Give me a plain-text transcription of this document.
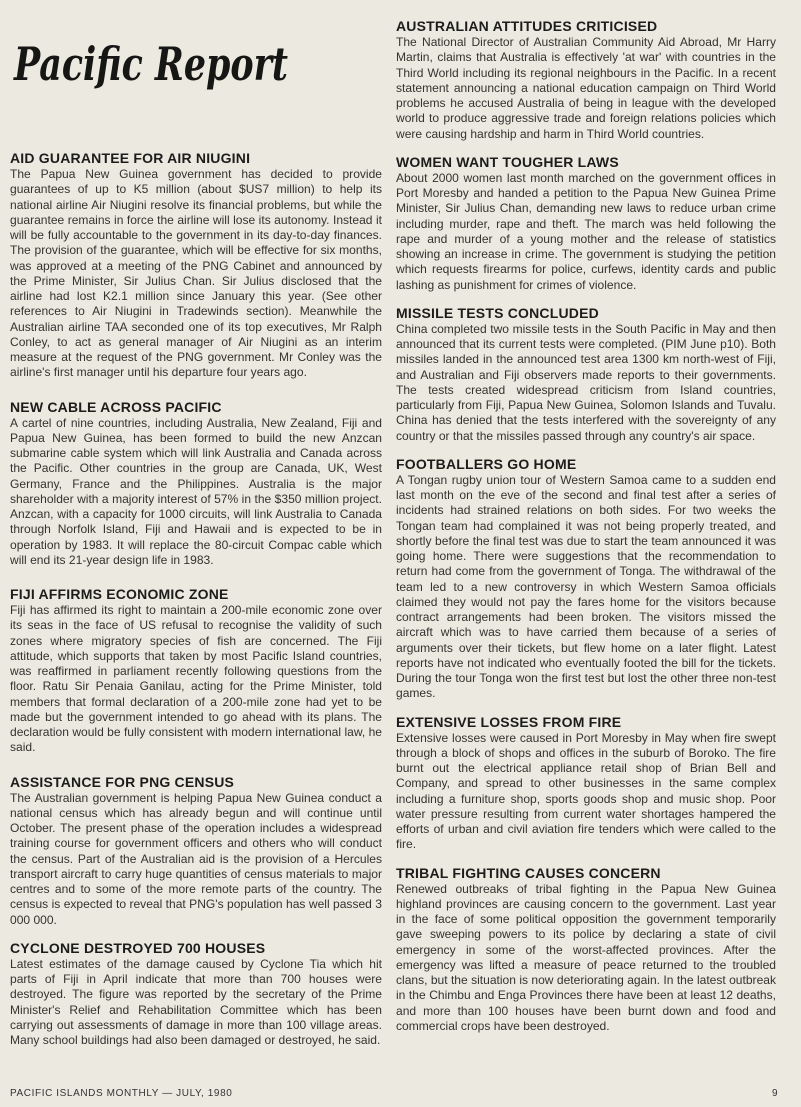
Pacific Report
AID GUARANTEE FOR AIR NIUGINI

The Papua New Guinea government has decided to provide guarantees of up to K5 million (about $US7 million) to help its national airline Air Niugini resolve its financial problems, but while the guarantee remains in force the airline will lose its autonomy. Instead it will be fully accountable to the government in its day-to-day finances. The provision of the guarantee, which will be effective for six months, was approved at a meeting of the PNG Cabinet and announced by the Prime Minister, Sir Julius Chan. Sir Julius disclosed that the airline had lost K2.1 million since January this year. (See other references to Air Niugini in Tradewinds section). Meanwhile the Australian airline TAA seconded one of its top executives, Mr Ralph Conley, to act as general manager of Air Niugini as an interim measure at the request of the PNG government. Mr Conley was the airline's first manager until his departure four years ago.

NEW CABLE ACROSS PACIFIC

A cartel of nine countries, including Australia, New Zealand, Fiji and Papua New Guinea, has been formed to build the new Anzcan submarine cable system which will link Australia and Canada across the Pacific. Other countries in the group are Canada, UK, West Germany, France and the Philippines. Australia is the major shareholder with a majority interest of 57% in the $350 million project. Anzcan, with a capacity for 1000 circuits, will link Australia to Canada through Norfolk Island, Fiji and Hawaii and is expected to be in operation by 1983. It will replace the 80-circuit Compac cable which will end its 21-year design life in 1983.

FIJI AFFIRMS ECONOMIC ZONE

Fiji has affirmed its right to maintain a 200-mile economic zone over its seas in the face of US refusal to recognise the validity of such zones where migratory species of fish are concerned. The Fiji attitude, which supports that taken by most Pacific Island countries, was reaffirmed in parliament recently following questions from the floor. Ratu Sir Penaia Ganilau, acting for the Prime Minister, told members that formal declaration of a 200-mile zone had yet to be made but the government intended to go ahead with its plans. The declaration would be fully consistent with modern international law, he said.

ASSISTANCE FOR PNG CENSUS

The Australian government is helping Papua New Guinea conduct a national census which has already begun and will continue until October. The present phase of the operation includes a widespread training course for government officers and others who will conduct the census. Part of the Australian aid is the provision of a Hercules transport aircraft to carry huge quantities of census materials to major centres and to some of the more remote parts of the country. The census is expected to reveal that PNG's population has well passed 3 000 000.

CYCLONE DESTROYED 700 HOUSES

Latest estimates of the damage caused by Cyclone Tia which hit parts of Fiji in April indicate that more than 700 houses were destroyed. The figure was reported by the secretary of the Prime Minister's Relief and Rehabilitation Committee which has been carrying out assessments of damage in more than 100 village areas. Many school buildings had also been damaged or destroyed, he said.

AUSTRALIAN ATTITUDES CRITICISED

The National Director of Australian Community Aid Abroad, Mr Harry Martin, claims that Australia is effectively 'at war' with countries in the Third World including its regional neighbours in the Pacific. In a recent statement announcing a national education campaign on Third World problems he accused Australia of being in league with the developed world to produce aggressive trade and foreign relations policies which were causing hardship and harm in Third World countries.

WOMEN WANT TOUGHER LAWS

About 2000 women last month marched on the government offices in Port Moresby and handed a petition to the Papua New Guinea Prime Minister, Sir Julius Chan, demanding new laws to reduce urban crime including murder, rape and theft. The march was held following the rape and murder of a young mother and the release of statistics showing an increase in crime. The government is studying the petition which requests firearms for police, curfews, identity cards and public lashing as punishment for crimes of violence.

MISSILE TESTS CONCLUDED

China completed two missile tests in the South Pacific in May and then announced that its current tests were completed. (PIM June p10). Both missiles landed in the announced test area 1300 km north-west of Fiji, and Australian and Fiji observers made reports to their governments. The tests created widespread criticism from Island countries, particularly from Fiji, Papua New Guinea, Solomon Islands and Tuvalu. China has denied that the tests interfered with the sovereignty of any country or that the missiles passed through any country's air space.

FOOTBALLERS GO HOME

A Tongan rugby union tour of Western Samoa came to a sudden end last month on the eve of the second and final test after a series of incidents had strained relations on both sides. For two weeks the Tongan team had complained it was not being properly treated, and shortly before the final test was due to start the team announced it was going home. There were suggestions that the recommendation to return had come from the government of Tonga. The withdrawal of the team led to a new controversy in which Western Samoa officials claimed they would not pay the fares home for the visitors because contract arrangements had been broken. The visitors missed the aircraft which was to have carried them because of a series of arguments over their tickets, but flew home on a later flight. Latest reports have not indicated who eventually footed the bill for the tickets. During the tour Tonga won the first test but lost the other three non-test games.

EXTENSIVE LOSSES FROM FIRE

Extensive losses were caused in Port Moresby in May when fire swept through a block of shops and offices in the suburb of Boroko. The fire burnt out the electrical appliance retail shop of Brian Bell and Company, and spread to other businesses in the same complex including a furniture shop, sports goods shop and music shop. Poor water pressure resulting from current water shortages hampered the efforts of urban and civil aviation fire tenders which were called to the fire.

TRIBAL FIGHTING CAUSES CONCERN

Renewed outbreaks of tribal fighting in the Papua New Guinea highland provinces are causing concern to the government. Last year in the face of some political opposition the government temporarily gave sweeping powers to its police by declaring a state of civil emergency in some of the worst-affected provinces. After the emergency was lifted a measure of peace returned to the troubled clans, but the situation is now deteriorating again. In the latest outbreak in the Chimbu and Enga Provinces there have been at least 12 deaths, and more than 100 houses have been burnt down and food and commercial crops have been destroyed.

PACIFIC ISLANDS MONTHLY — JULY, 1980	9
